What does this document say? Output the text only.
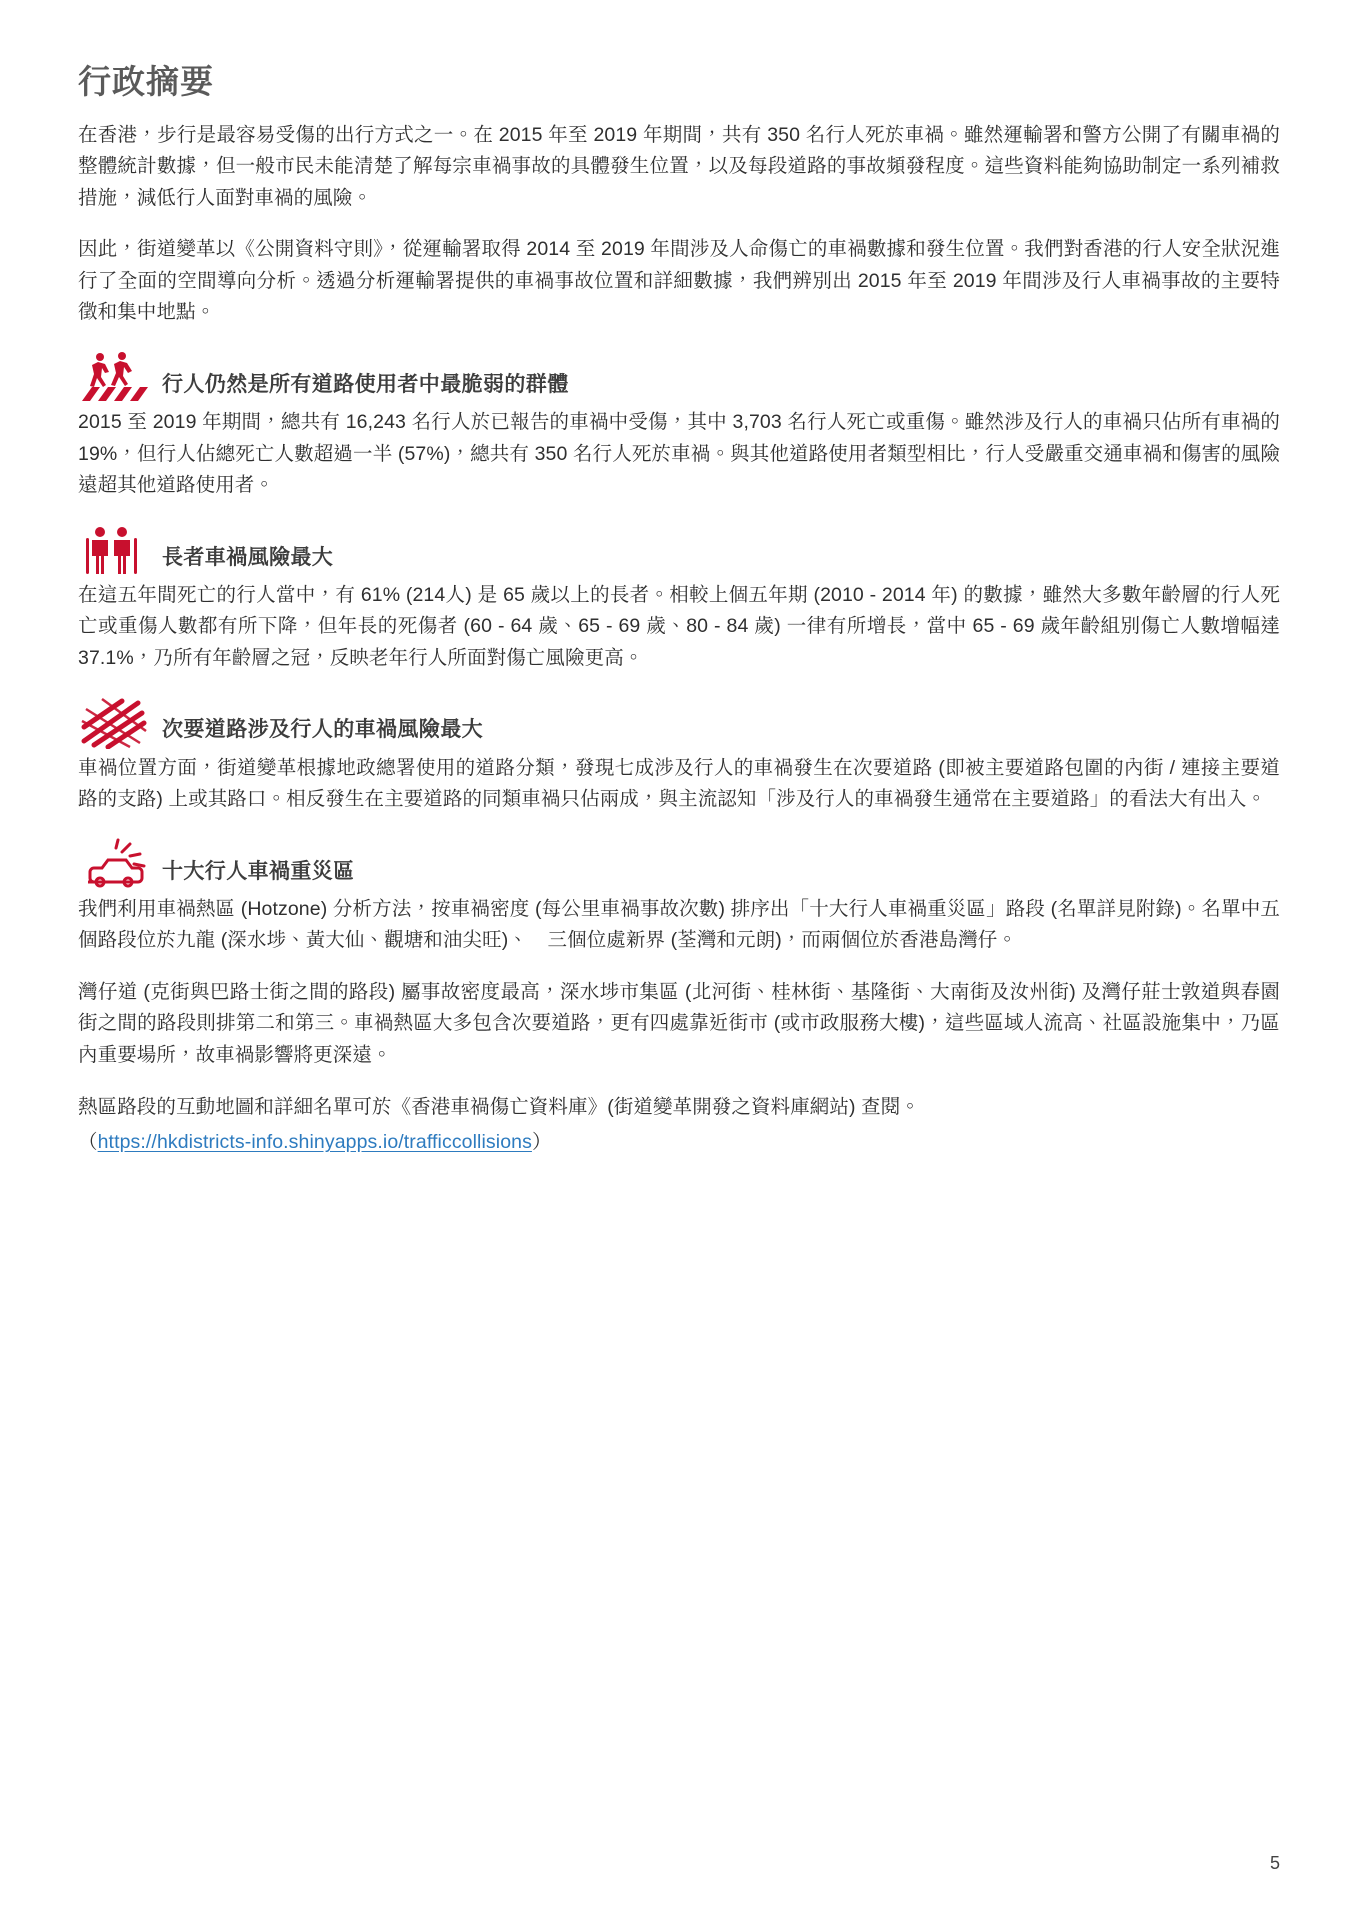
行政摘要

在香港，步行是最容易受傷的出行方式之一。在 2015 年至 2019 年期間，共有 350 名行人死於車禍。雖然運輸署和警方公開了有關車禍的整體統計數據，但一般市民未能清楚了解每宗車禍事故的具體發生位置，以及每段道路的事故頻發程度。這些資料能夠協助制定一系列補救措施，減低行人面對車禍的風險。

因此，街道變革以《公開資料守則》，從運輸署取得 2014 至 2019 年間涉及人命傷亡的車禍數據和發生位置。我們對香港的行人安全狀況進行了全面的空間導向分析。透過分析運輸署提供的車禍事故位置和詳細數據，我們辨別出 2015 年至 2019 年間涉及行人車禍事故的主要特徵和集中地點。

行人仍然是所有道路使用者中最脆弱的群體

2015 至 2019 年期間，總共有 16,243 名行人於已報告的車禍中受傷，其中 3,703 名行人死亡或重傷。雖然涉及行人的車禍只佔所有車禍的 19%，但行人佔總死亡人數超過一半 (57%)，總共有 350 名行人死於車禍。與其他道路使用者類型相比，行人受嚴重交通車禍和傷害的風險遠超其他道路使用者。

長者車禍風險最大

在這五年間死亡的行人當中，有 61% (214人) 是 65 歲以上的長者。相較上個五年期 (2010 - 2014 年) 的數據，雖然大多數年齡層的行人死亡或重傷人數都有所下降，但年長的死傷者 (60 - 64 歲、65 - 69 歲、80 - 84 歲) 一律有所增長，當中 65 - 69 歲年齡組別傷亡人數增幅達 37.1%，乃所有年齡層之冠，反映老年行人所面對傷亡風險更高。

次要道路涉及行人的車禍風險最大

車禍位置方面，街道變革根據地政總署使用的道路分類，發現七成涉及行人的車禍發生在次要道路 (即被主要道路包圍的內街 / 連接主要道路的支路) 上或其路口。相反發生在主要道路的同類車禍只佔兩成，與主流認知「涉及行人的車禍發生通常在主要道路」的看法大有出入。

十大行人車禍重災區

我們利用車禍熱區 (Hotzone) 分析方法，按車禍密度 (每公里車禍事故次數) 排序出「十大行人車禍重災區」路段 (名單詳見附錄)。名單中五個路段位於九龍 (深水埗、黃大仙、觀塘和油尖旺)、　三個位處新界 (荃灣和元朗)，而兩個位於香港島灣仔。

灣仔道 (克街與巴路士街之間的路段) 屬事故密度最高，深水埗市集區 (北河街、桂林街、基隆街、大南街及汝州街) 及灣仔莊士敦道與春園街之間的路段則排第二和第三。車禍熱區大多包含次要道路，更有四處靠近街市 (或市政服務大樓)，這些區域人流高、社區設施集中，乃區內重要場所，故車禍影響將更深遠。

熱區路段的互動地圖和詳細名單可於《香港車禍傷亡資料庫》(街道變革開發之資料庫網站) 查閱。

（https://hkdistricts-info.shinyapps.io/trafficcollisions）

5
